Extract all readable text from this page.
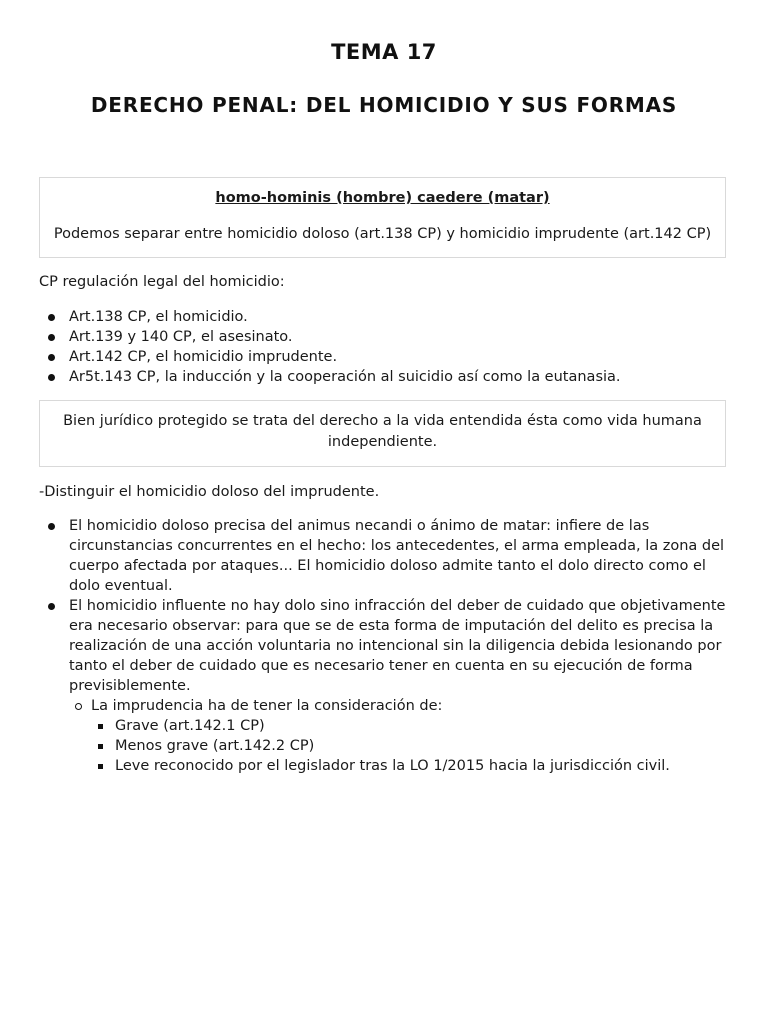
TEMA 17
DERECHO PENAL: DEL HOMICIDIO Y SUS FORMAS
homo-hominis (hombre) caedere (matar)
Podemos separar entre homicidio doloso (art.138 CP) y homicidio imprudente (art.142 CP)
CP regulación legal del homicidio:
Art.138 CP, el homicidio.
Art.139 y 140 CP, el asesinato.
Art.142 CP, el homicidio imprudente.
Ar5t.143 CP, la inducción y la cooperación al suicidio así como la eutanasia.
Bien jurídico protegido se trata del derecho a la vida entendida ésta como vida humana independiente.
-Distinguir el homicidio doloso del imprudente.
El homicidio doloso precisa del animus necandi o ánimo de matar: infiere de las circunstancias concurrentes en el hecho: los antecedentes, el arma empleada, la zona del cuerpo afectada por ataques... El homicidio doloso admite tanto el dolo directo como el dolo eventual.
El homicidio influente no hay dolo sino infracción del deber de cuidado que objetivamente era necesario observar: para que se de esta forma de imputación del delito es precisa la realización de una acción voluntaria no intencional sin la diligencia debida lesionando por tanto el deber de cuidado que es necesario tener en cuenta en su ejecución de forma previsiblemente.
La imprudencia ha de tener la consideración de:
Grave (art.142.1 CP)
Menos grave (art.142.2 CP)
Leve reconocido por el legislador tras la LO 1/2015 hacia la jurisdicción civil.
